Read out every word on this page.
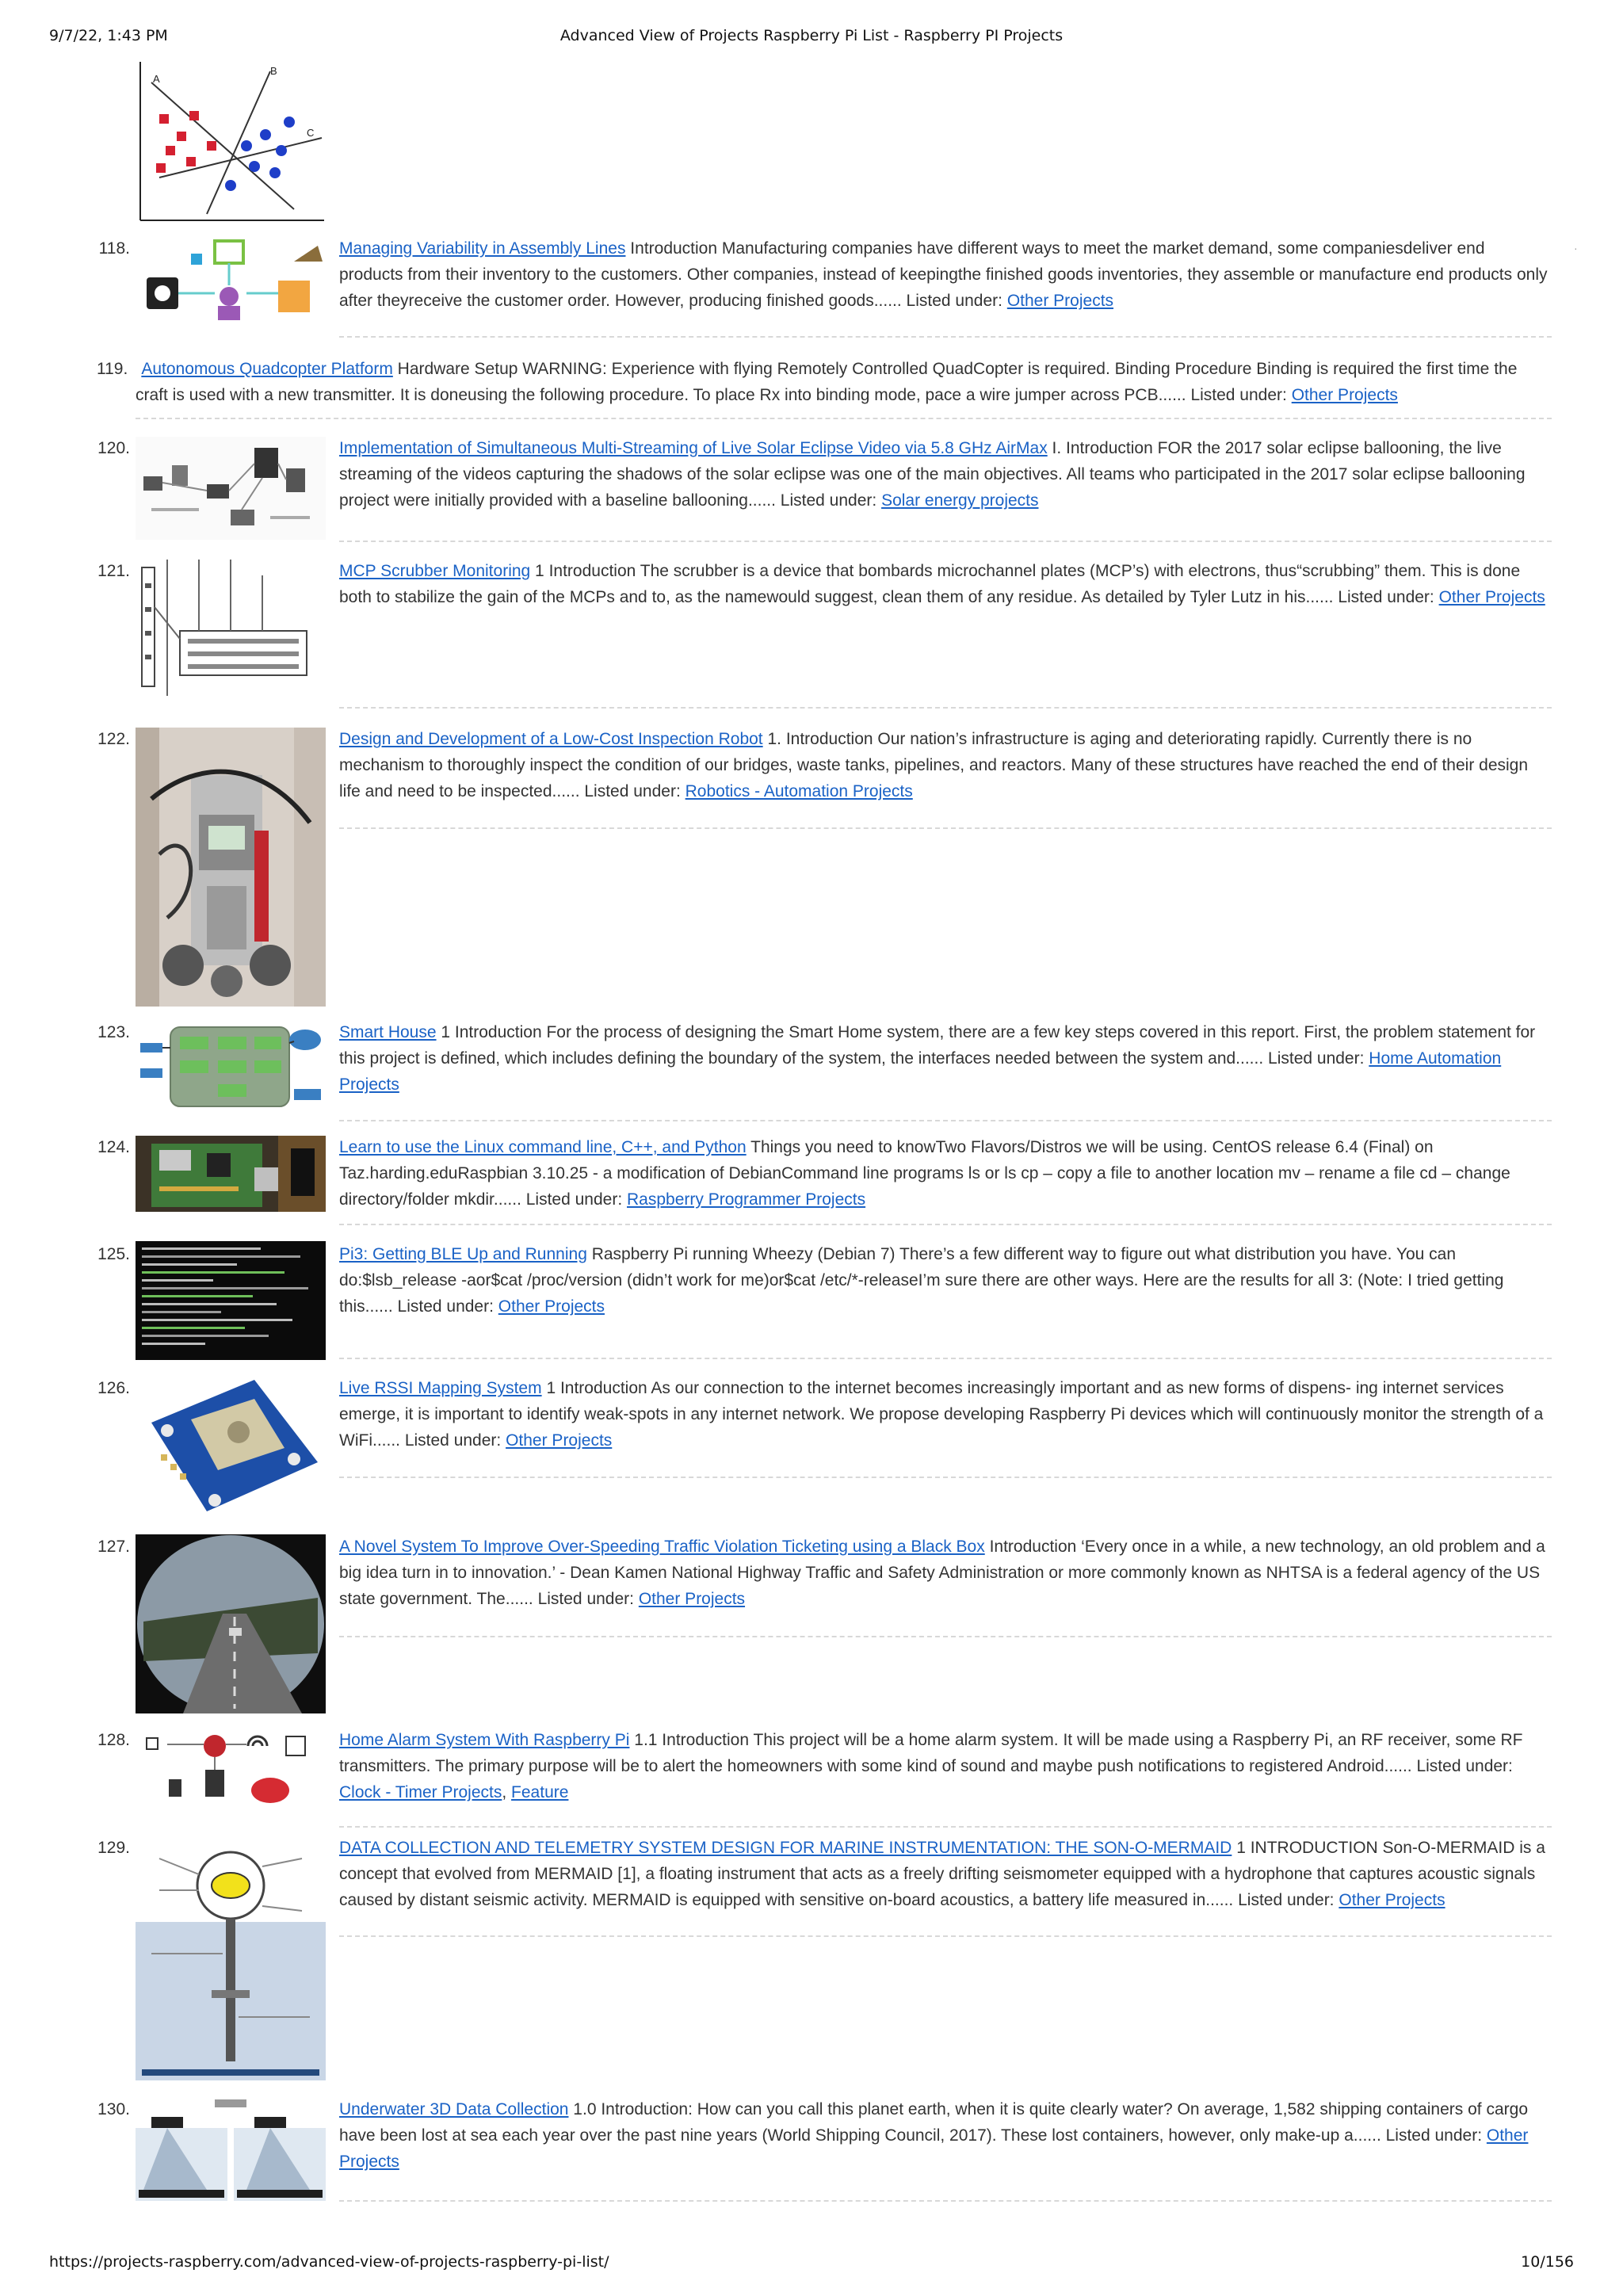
Advanced View of Projects Raspberry Pi List - Raspberry PI Projects
9/7/22, 1:43 PM
·
A
B
C
118.	Managing Variability in Assembly Lines Introduction Manufacturing companies have different ways to meet the market demand, some companiesdeliver end products from their inventory to the customers. Other companies, instead of keepingthe finished goods inventories, they assemble or manufacture end products only after theyreceive the customer order. However, producing finished goods...... Listed under: Other Projects
119. Autonomous Quadcopter Platform Hardware Setup WARNING: Experience with flying Remotely Controlled QuadCopter is required. Binding Procedure Binding is required the first time the craft is used with a new transmitter. It is doneusing the following procedure. To place Rx into binding mode, pace a wire jumper across PCB...... Listed under: Other Projects
120.	Implementation of Simultaneous Multi-Streaming of Live Solar Eclipse Video via 5.8 GHz AirMax I. Introduction FOR the 2017 solar eclipse ballooning, the live streaming of the videos capturing the shadows of the solar eclipse was one of the main objectives. All teams who participated in the 2017 solar eclipse ballooning project were initially provided with a baseline ballooning...... Listed under: Solar energy projects
121.	MCP Scrubber Monitoring 1 Introduction The scrubber is a device that bombards microchannel plates (MCP’s) with electrons, thus“scrubbing” them. This is done both to stabilize the gain of the MCPs and to, as the namewould suggest, clean them of any residue. As detailed by Tyler Lutz in his...... Listed under: Other Projects
122.	Design and Development of a Low-Cost Inspection Robot 1. Introduction Our nation’s infrastructure is aging and deteriorating rapidly. Currently there is no mechanism to thoroughly inspect the condition of our bridges, waste tanks, pipelines, and reactors. Many of these structures have reached the end of their design life and need to be inspected...... Listed under: Robotics - Automation Projects
123.	Smart House 1 Introduction For the process of designing the Smart Home system, there are a few key steps covered in this report. First, the problem statement for this project is defined, which includes defining the boundary of the system, the interfaces needed between the system and...... Listed under: Home Automation Projects
124.	Learn to use the Linux command line, C++, and Python Things you need to knowTwo Flavors/Distros we will be using. CentOS release 6.4 (Final) on Taz.harding.eduRaspbian 3.10.25 - a modification of DebianCommand line programs ls or ls cp – copy a file to another location mv – rename a file cd – change directory/folder mkdir...... Listed under: Raspberry Programmer Projects
125.	Pi3: Getting BLE Up and Running Raspberry Pi running Wheezy (Debian 7) There’s a few different way to figure out what distribution you have. You can do:$lsb_release -aor$cat /proc/version (didn’t work for me)or$cat /etc/*-releaseI’m sure there are other ways. Here are the results for all 3: (Note: I tried getting this...... Listed under: Other Projects
126.	Live RSSI Mapping System 1 Introduction As our connection to the internet becomes increasingly important and as new forms of dispens- ing internet services emerge, it is important to identify weak-spots in any internet network. We propose developing Raspberry Pi devices which will continuously monitor the strength of a WiFi...... Listed under: Other Projects
127.	A Novel System To Improve Over-Speeding Traffic Violation Ticketing using a Black Box Introduction ‘Every once in a while, a new technology, an old problem and a big idea turn in to innovation.’ - Dean Kamen National Highway Traffic and Safety Administration or more commonly known as NHTSA is a federal agency of the US state government. The...... Listed under: Other Projects
128.	Home Alarm System With Raspberry Pi 1.1 Introduction This project will be a home alarm system. It will be made using a Raspberry Pi, an RF receiver, some RF transmitters. The primary purpose will be to alert the homeowners with some kind of sound and maybe push notifications to registered Android...... Listed under: Clock - Timer Projects, Feature
129.	DATA COLLECTION AND TELEMETRY SYSTEM DESIGN FOR MARINE INSTRUMENTATION: THE SON-O-MERMAID 1 INTRODUCTION Son-O-MERMAID is a concept that evolved from MERMAID [1], a floating instrument that acts as a freely drifting seismometer equipped with a hydrophone that captures acoustic signals caused by distant seismic activity. MERMAID is equipped with sensitive on-board acoustics, a battery life measured in...... Listed under: Other Projects
130.	Underwater 3D Data Collection 1.0 Introduction: How can you call this planet earth, when it is quite clearly water? On average, 1,582 shipping containers of cargo have been lost at sea each year over the past nine years (World Shipping Council, 2017). These lost containers, however, only make-up a...... Listed under: Other Projects
https://projects-raspberry.com/advanced-view-of-projects-raspberry-pi-list/	10/156
